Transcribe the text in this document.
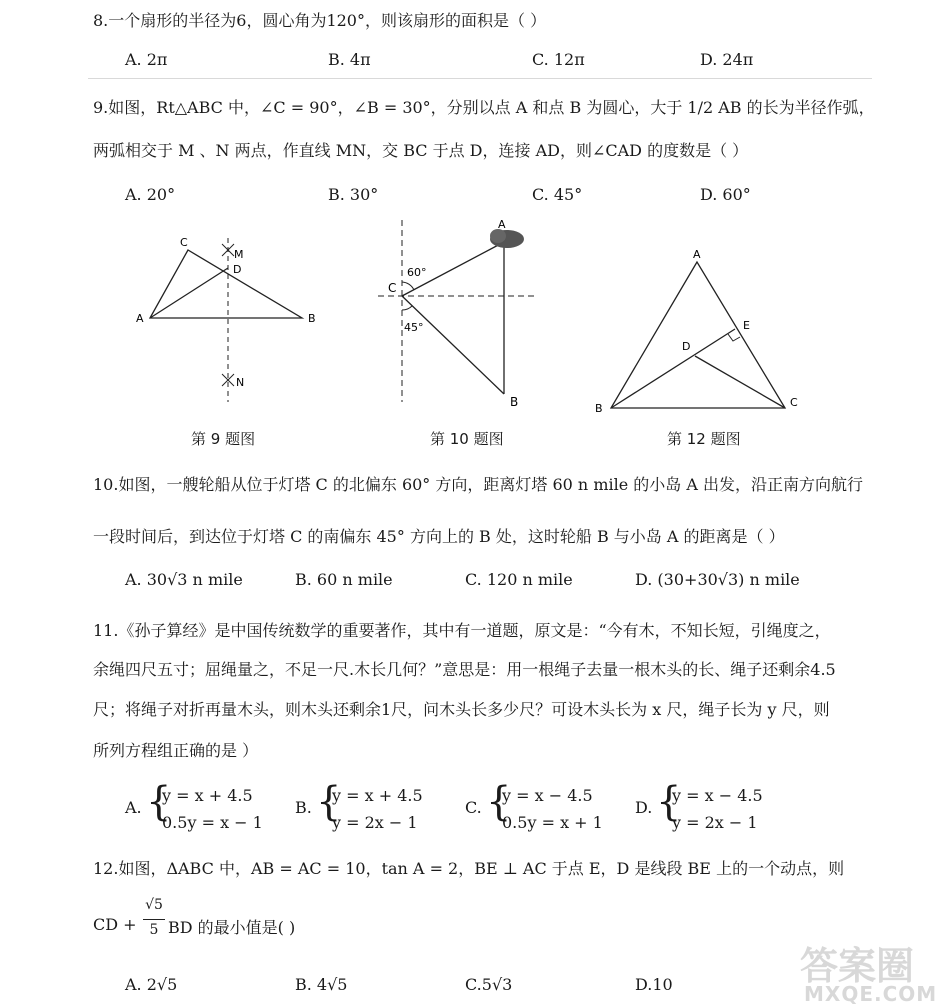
8.一个扇形的半径为6，圆心角为120°，则该扇形的面积是（ ）
A. 2π	B. 4π	C. 12π	D. 24π
9.如图，Rt△ABC 中，∠C = 90°，∠B = 30°，分别以点 A 和点 B 为圆心，大于 1/2 AB 的长为半径作弧，
两弧相交于 M 、N 两点，作直线 MN，交 BC 于点 D，连接 AD，则∠CAD 的度数是（ ）
A. 20°	B. 30°	C. 45°	D. 60°
C
M
D
A	B
N
第 9 题图
A
C
60°
45°
B
第 10 题图
A
E
D
B	C
第 12 题图
10.如图，一艘轮船从位于灯塔 C 的北偏东 60° 方向，距离灯塔 60 n mile 的小岛 A 出发，沿正南方向航行
一段时间后，到达位于灯塔 C 的南偏东 45° 方向上的 B 处，这时轮船 B 与小岛 A 的距离是（ ）
A. 30√3 n mile	B. 60 n mile	C. 120 n mile	D. (30+30√3) n mile
11.《孙子算经》是中国传统数学的重要著作，其中有一道题，原文是：“今有木，不知长短，引绳度之，
余绳四尺五寸；屈绳量之，不足一尺.木长几何？”意思是：用一根绳子去量一根木头的长、绳子还剩余4.5
尺；将绳子对折再量木头，则木头还剩余1尺，问木头长多少尺？可设木头长为 x 尺，绳子长为 y 尺，则
所列方程组正确的是 ）
A. {
y = x + 4.5
0.5y = x − 1
B. {
y = x + 4.5
y = 2x − 1
C. {
y = x − 4.5
0.5y = x + 1
D. {
y = x − 4.5
y = 2x − 1
12.如图，ΔABC 中，AB = AC = 10，tan A = 2，BE ⊥ AC 于点 E，D 是线段 BE 上的一个动点，则
CD +
√5
5 BD 的最小值是( )
A. 2√5	B. 4√5	C.5√3	D.10	答案圈
MXQE.COM
